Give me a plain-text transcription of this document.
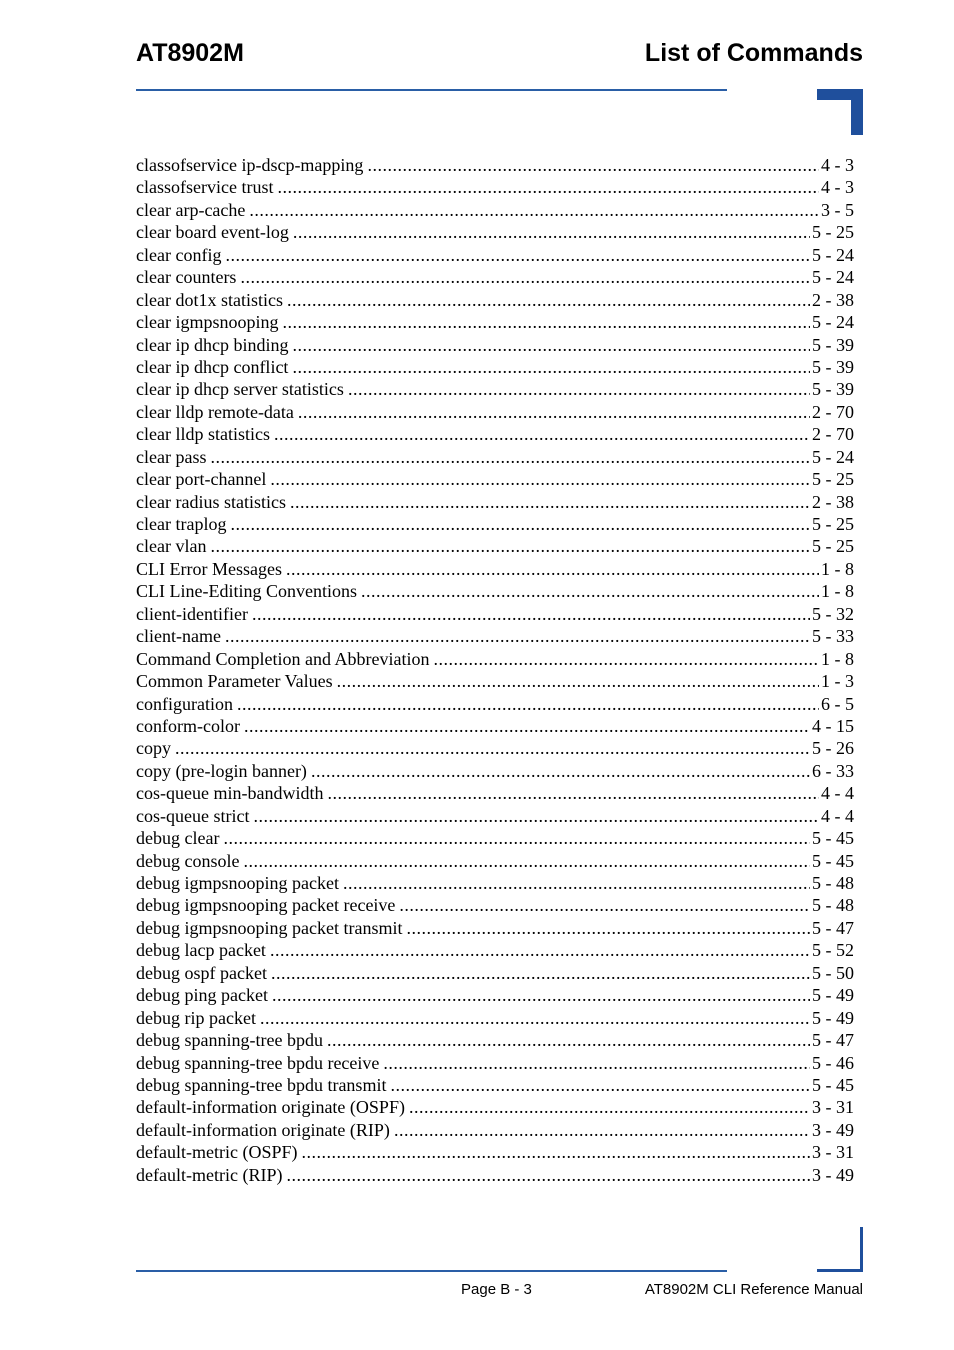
AT8902M	List of Commands
classofservice ip-dscp-mapping .....	4 - 3
classofservice trust .....	4 - 3
clear arp-cache .....	3 - 5
clear board event-log .....	5 - 25
clear config .....	5 - 24
clear counters .....	5 - 24
clear dot1x statistics .....	2 - 38
clear igmpsnooping .....	5 - 24
clear ip dhcp binding .....	5 - 39
clear ip dhcp conflict .....	5 - 39
clear ip dhcp server statistics .....	5 - 39
clear lldp remote-data .....	2 - 70
clear lldp statistics .....	2 - 70
clear pass .....	5 - 24
clear port-channel .....	5 - 25
clear radius statistics .....	2 - 38
clear traplog .....	5 - 25
clear vlan .....	5 - 25
CLI Error Messages .....	1 - 8
CLI Line-Editing Conventions .....	1 - 8
client-identifier .....	5 - 32
client-name .....	5 - 33
Command Completion and Abbreviation .....	1 - 8
Common Parameter Values .....	1 - 3
configuration .....	6 - 5
conform-color .....	4 - 15
copy .....	5 - 26
copy (pre-login banner) .....	6 - 33
cos-queue min-bandwidth .....	4 - 4
cos-queue strict .....	4 - 4
debug clear .....	5 - 45
debug console .....	5 - 45
debug igmpsnooping packet .....	5 - 48
debug igmpsnooping packet receive .....	5 - 48
debug igmpsnooping packet transmit .....	5 - 47
debug lacp packet .....	5 - 52
debug ospf packet .....	5 - 50
debug ping packet .....	5 - 49
debug rip packet .....	5 - 49
debug spanning-tree bpdu .....	5 - 47
debug spanning-tree bpdu receive .....	5 - 46
debug spanning-tree bpdu transmit .....	5 - 45
default-information originate (OSPF) .....	3 - 31
default-information originate (RIP) .....	3 - 49
default-metric (OSPF) .....	3 - 31
default-metric (RIP) .....	3 - 49
Page B - 3	AT8902M CLI Reference Manual
